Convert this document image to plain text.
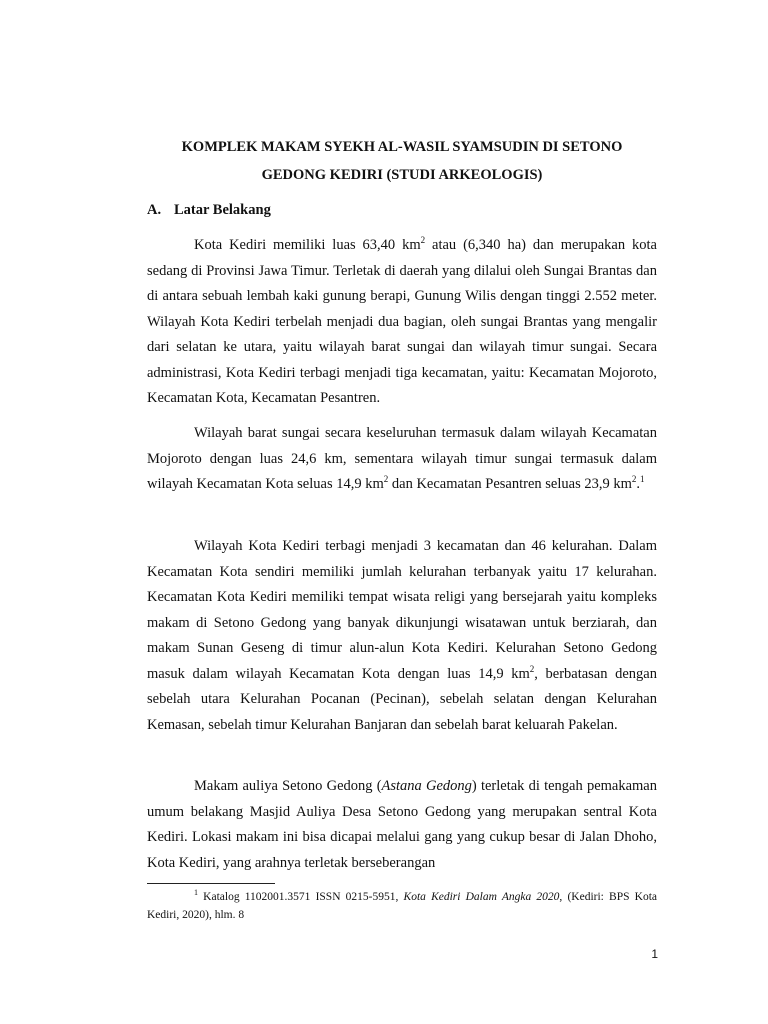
KOMPLEK MAKAM SYEKH AL-WASIL SYAMSUDIN DI SETONO
GEDONG KEDIRI (STUDI ARKEOLOGIS)
A. Latar Belakang

Kota Kediri memiliki luas 63,40 $km^2$ atau (6,340 ha) dan merupakan kota sedang di Provinsi Jawa Timur. Terletak di daerah yang dilalui oleh Sungai Brantas dan di antara sebuah lembah kaki gunung berapi, Gunung Wilis dengan tinggi 2.552 meter. Wilayah Kota Kediri terbelah menjadi dua bagian, oleh sungai Brantas yang mengalir dari selatan ke utara, yaitu wilayah barat sungai dan wilayah timur sungai. Secara administrasi, Kota Kediri terbagi menjadi tiga kecamatan, yaitu: Kecamatan Mojoroto, Kecamatan Kota, Kecamatan Pesantren.

Wilayah barat sungai secara keseluruhan termasuk dalam wilayah Kecamatan Mojoroto dengan luas 24,6 km, sementara wilayah timur sungai termasuk dalam wilayah Kecamatan Kota seluas 14,9 $km^2$ dan Kecamatan Pesantren seluas 23,9 $km^2.^1$

Wilayah Kota Kediri terbagi menjadi 3 kecamatan dan 46 kelurahan. Dalam Kecamatan Kota sendiri memiliki jumlah kelurahan terbanyak yaitu 17 kelurahan. Kecamatan Kota Kediri memiliki tempat wisata religi yang bersejarah yaitu kompleks makam di Setono Gedong yang banyak dikunjungi wisatawan untuk berziarah, dan makam Sunan Geseng di timur alun-alun Kota Kediri. Kelurahan Setono Gedong masuk dalam wilayah Kecamatan Kota dengan luas 14,9 $km^2$, berbatasan dengan sebelah utara Kelurahan Pocanan (Pecinan), sebelah selatan dengan Kelurahan Kemasan, sebelah timur Kelurahan Banjaran dan sebelah barat keluarah Pakelan.

Makam auliya Setono Gedong (Astana Gedong) terletak di tengah pemakaman umum belakang Masjid Auliya Desa Setono Gedong yang merupakan sentral Kota Kediri. Lokasi makam ini bisa dicapai melalui gang yang cukup besar di Jalan Dhoho, Kota Kediri, yang arahnya terletak berseberangan

$^1$ Katalog 1102001.3571 ISSN 0215-5951, Kota Kediri Dalam Angka 2020, (Kediri: BPS Kota Kediri, 2020), hlm. 8

1
